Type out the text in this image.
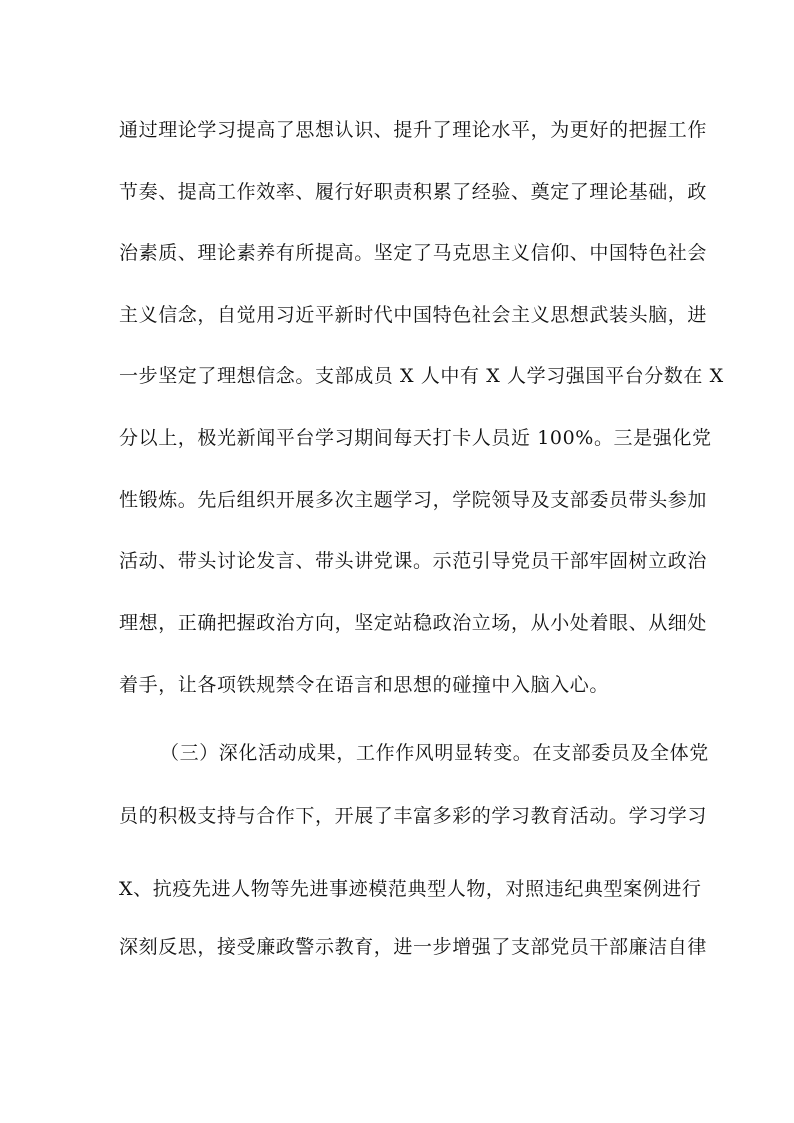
通过理论学习提高了思想认识、提升了理论水平，为更好的把握工作
节奏、提高工作效率、履行好职责积累了经验、奠定了理论基础，政
治素质、理论素养有所提高。坚定了马克思主义信仰、中国特色社会
主义信念，自觉用习近平新时代中国特色社会主义思想武装头脑，进
一步坚定了理想信念。支部成员 X 人中有 X 人学习强国平台分数在 X
分以上，极光新闻平台学习期间每天打卡人员近 100%。三是强化党
性锻炼。先后组织开展多次主题学习，学院领导及支部委员带头参加
活动、带头讨论发言、带头讲党课。示范引导党员干部牢固树立政治
理想，正确把握政治方向，坚定站稳政治立场，从小处着眼、从细处
着手，让各项铁规禁令在语言和思想的碰撞中入脑入心。
（三）深化活动成果，工作作风明显转变。在支部委员及全体党
员的积极支持与合作下，开展了丰富多彩的学习教育活动。学习学习
X、抗疫先进人物等先进事迹模范典型人物，对照违纪典型案例进行
深刻反思，接受廉政警示教育，进一步增强了支部党员干部廉洁自律
